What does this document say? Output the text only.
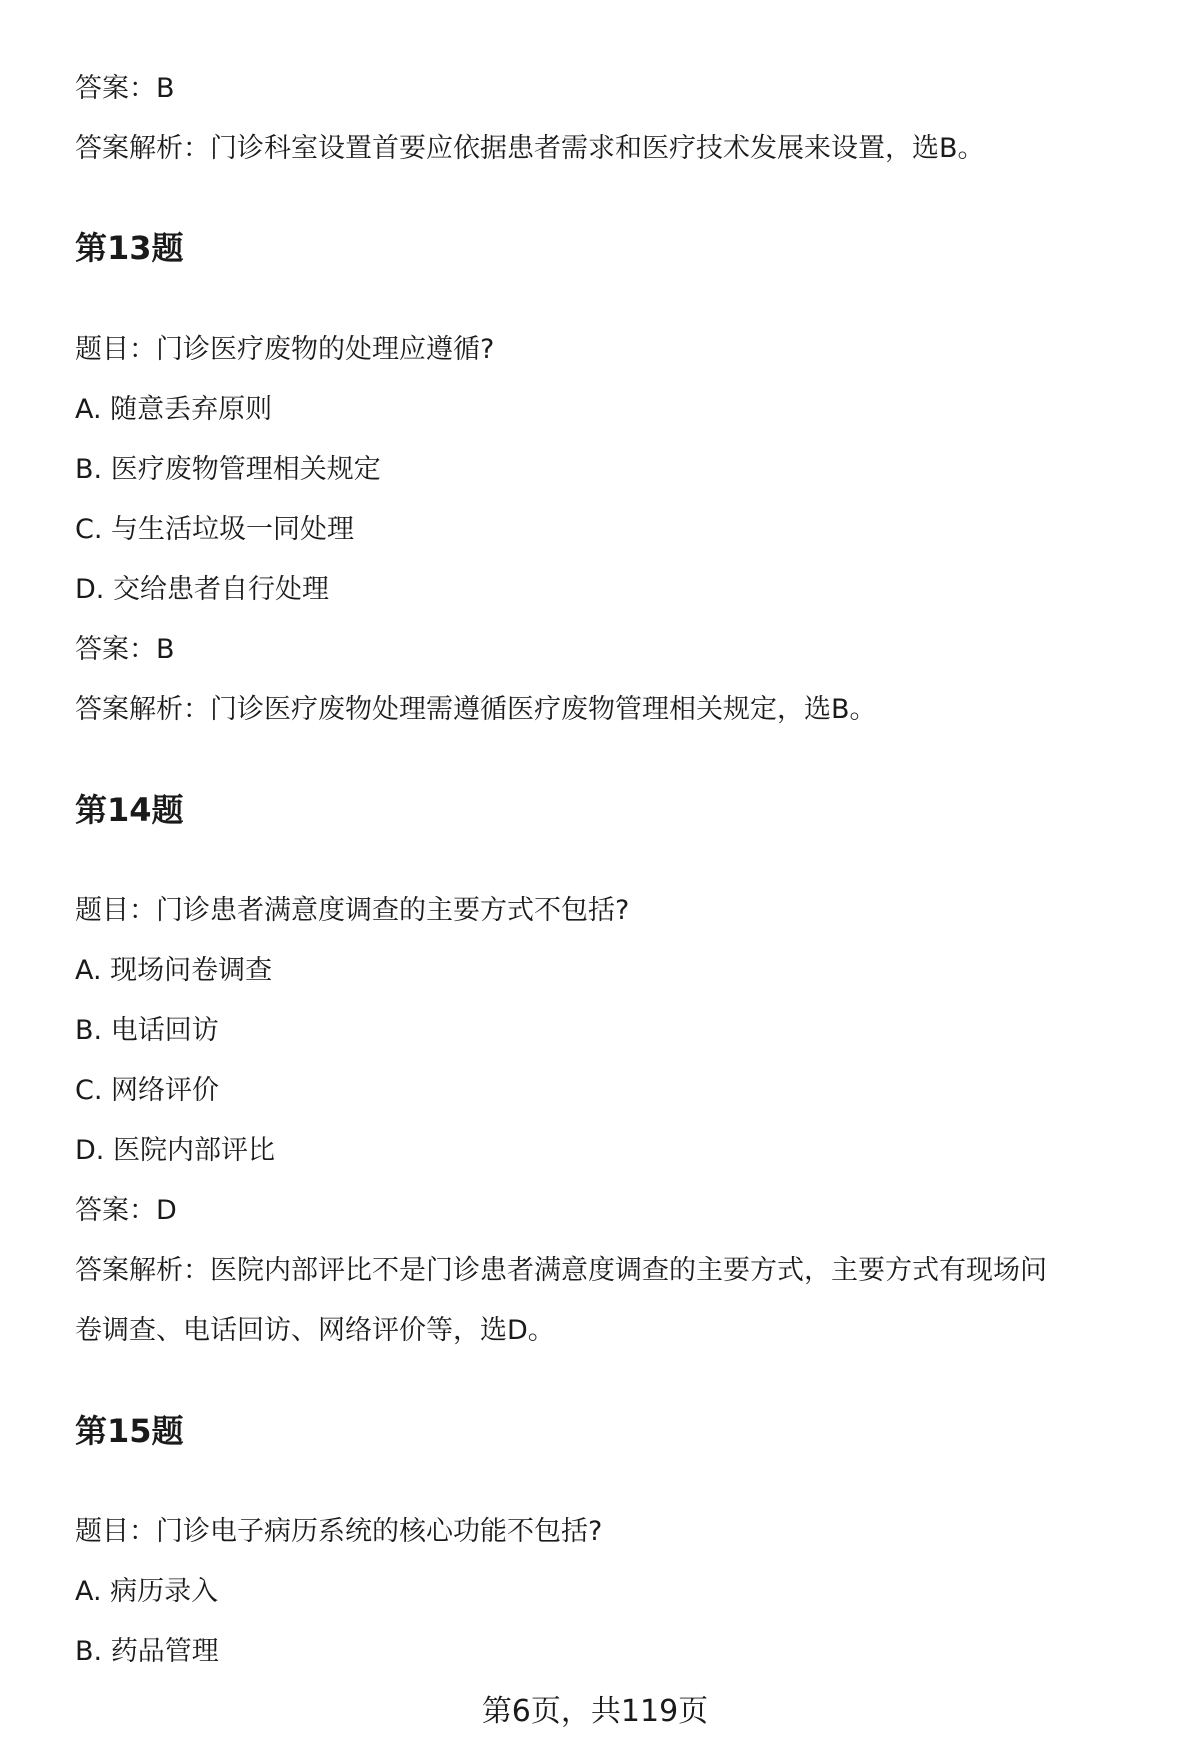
答案：B
答案解析：门诊科室设置首要应依据患者需求和医疗技术发展来设置，选B。
第13题
题目：门诊医疗废物的处理应遵循?
A. 随意丢弃原则
B. 医疗废物管理相关规定
C. 与生活垃圾一同处理
D. 交给患者自行处理
答案：B
答案解析：门诊医疗废物处理需遵循医疗废物管理相关规定，选B。
第14题
题目：门诊患者满意度调查的主要方式不包括?
A. 现场问卷调查
B. 电话回访
C. 网络评价
D. 医院内部评比
答案：D
答案解析：医院内部评比不是门诊患者满意度调查的主要方式，主要方式有现场问
卷调查、电话回访、网络评价等，选D。
第15题
题目：门诊电子病历系统的核心功能不包括?
A. 病历录入
B. 药品管理
第6页，共119页
